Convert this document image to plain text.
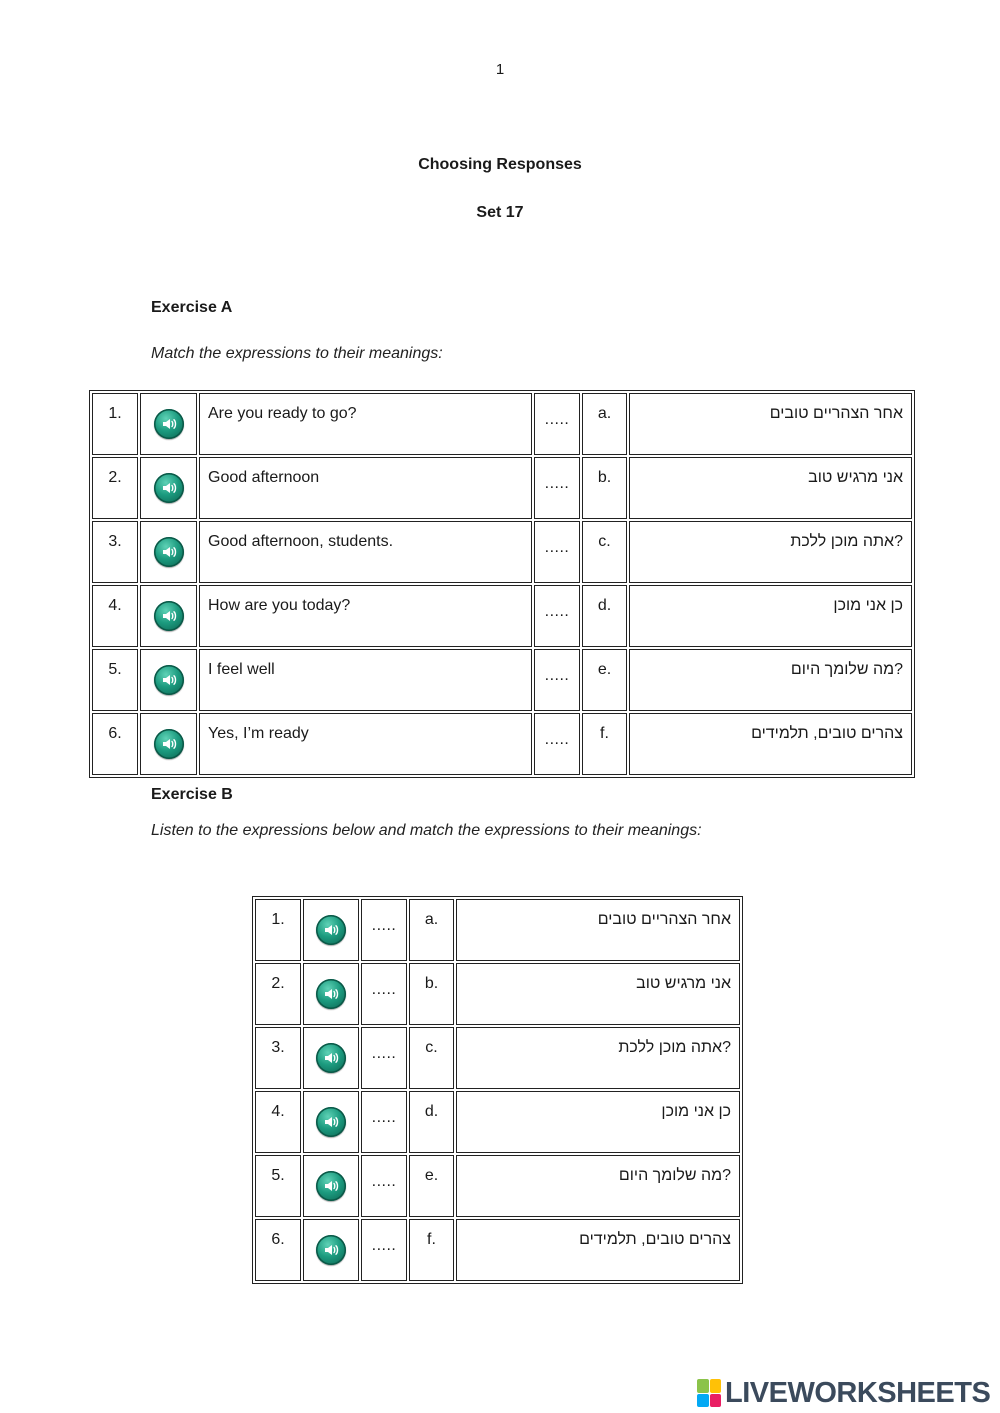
1
Choosing Responses
Set 17
Exercise A
Match the expressions to their meanings:
1.		Are you ready to go?	.....	a.	אחר הצהריים טובים
2.		Good afternoon	.....	b.	אני מרגיש טוב
3.		Good afternoon, students.	.....	c.	אתה מוכן ללכת?
4.		How are you today?	.....	d.	כן אני מוכן
5.		I feel well	.....	e.	מה שלומך היום?
6.		Yes, I’m ready	.....	f.	צהרים טובים, תלמידים
Exercise B
Listen to the expressions below and match the expressions to their meanings:
1.		.....	a.	אחר הצהריים טובים
2.		.....	b.	אני מרגיש טוב
3.		.....	c.	אתה מוכן ללכת?
4.		.....	d.	כן אני מוכן
5.		.....	e.	מה שלומך היום?
6.		.....	f.	צהרים טובים, תלמידים
LIVEWORKSHEETS
